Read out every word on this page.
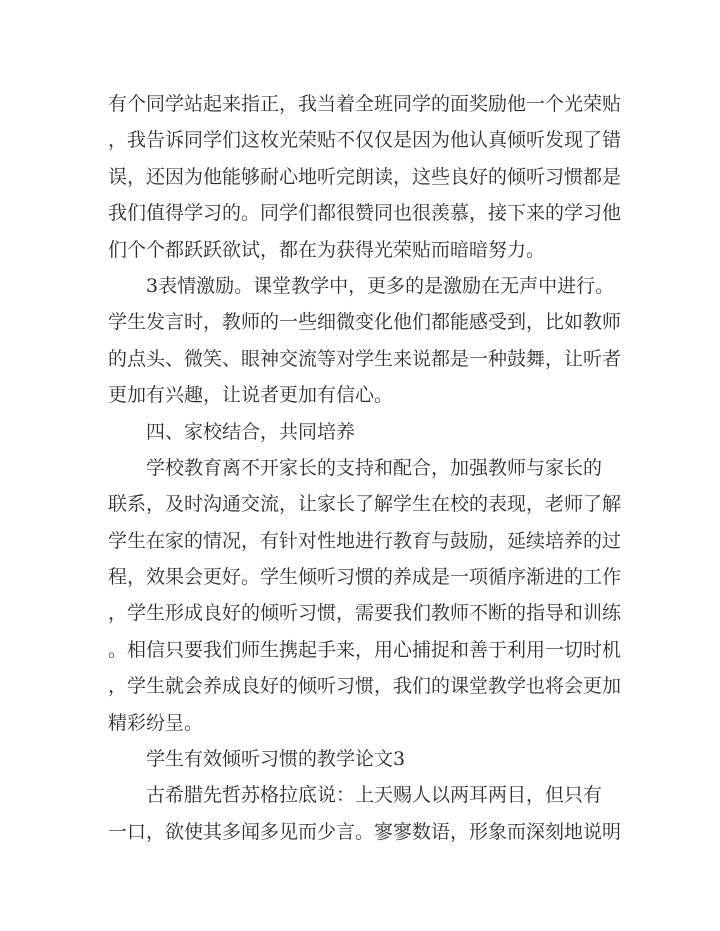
有个同学站起来指正，我当着全班同学的面奖励他一个光荣贴
，我告诉同学们这枚光荣贴不仅仅是因为他认真倾听发现了错
误，还因为他能够耐心地听完朗读，这些良好的倾听习惯都是
我们值得学习的。同学们都很赞同也很羡慕，接下来的学习他
们个个都跃跃欲试，都在为获得光荣贴而暗暗努力。
3表情激励。课堂教学中，更多的是激励在无声中进行。
学生发言时，教师的一些细微变化他们都能感受到，比如教师
的点头、微笑、眼神交流等对学生来说都是一种鼓舞，让听者
更加有兴趣，让说者更加有信心。
四、家校结合，共同培养
学校教育离不开家长的支持和配合，加强教师与家长的
联系，及时沟通交流，让家长了解学生在校的表现，老师了解
学生在家的情况，有针对性地进行教育与鼓励，延续培养的过
程，效果会更好。学生倾听习惯的养成是一项循序渐进的工作
，学生形成良好的倾听习惯，需要我们教师不断的指导和训练
。相信只要我们师生携起手来，用心捕捉和善于利用一切时机
，学生就会养成良好的倾听习惯，我们的课堂教学也将会更加
精彩纷呈。
学生有效倾听习惯的教学论文3
古希腊先哲苏格拉底说：上天赐人以两耳两目，但只有
一口，欲使其多闻多见而少言。寥寥数语，形象而深刻地说明
